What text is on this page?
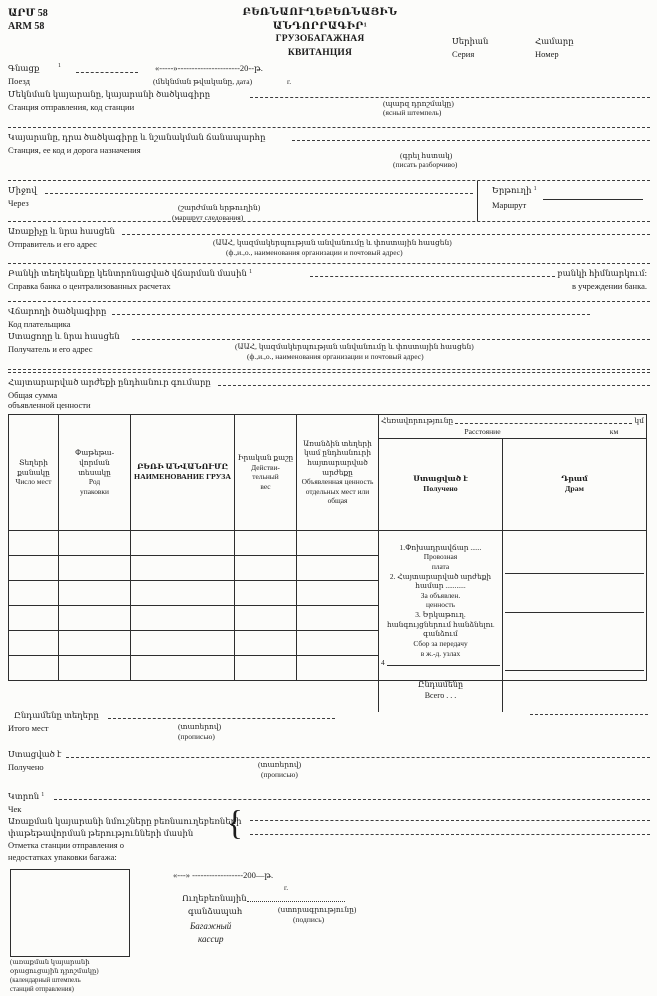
ԱՐՄ 58
ARM 58
ԲԵՌՆԱՈՒՂԵԲԵՌՆԱՅԻՆ
ԱՆԴՈՐՐԱԳԻՐ¹
ГРУЗОБАГАЖНАЯ
КВИТАНЦИЯ
Սերիան
Серия
Համարը
Номер
Գնացք	$^1$	«-----»----------------------20--թ.
Поезд	(մեկնման թվականը, дата)	г.
Մեկնման կայարանը, կայարանի ծածկագիրը
Станция отправления, код станции	(պարզ դրոշմակը)
(ясный штемпель)
Կայարանը, դրա ծածկագիրը և նշանակման ճանապարհը
Станция, ее код и дорога назначения
(գրել հստակ)
(писать разборчиво)
Միջով
Через	(շարժման երթուղին)
(маршрут следования)
Երթուղի $^1$
Маршрут
Առաքիչը և նրա հասցեն
Отправитель и его адрес	(ԱԱՀ, կազմակերպության անվանումը և փոստային հասցեն)
(ф.,и.,о., наименования организации и почтовый адрес)
Բանկի տեղեկանքը կենտրոնացված վճարման մասին $^1$	բանկի հիմնարկում:
Справка банка о централизованных расчетах	в учреждении банка.
Վճարողի ծածկագիրը
Код плательщика
Ստացողը և նրա հասցեն
Получатель и его адрес	(ԱԱՀ, կազմակերպության անվանումը և փոստային հասցեն)
(ф.,и.,о., наименования организации и почтовый адрес)
Հայտարարված արժեքի ընդհանուր գումարը
Общая сумма
объявленной ценности
Տեղերի քանակը
Число мест

Փաթեթա-
վորման
տեսակը
Род
упаковки

ԲԵՌԻ ԱՆՎԱՆՈՒՄԸ
НАИМЕНОВАНИЕ ГРУЗА

Իրական քաշը
Действи-
тельный
вес

Առանձին տեղերի կամ ընդհանուրի հայտարարված արժեքը
Объявленная ценность отдельных мест или общая

Հեռավորությունը	կմ
Расстояние	км

Ստացված է
Получено

Դրամ
Драм

1.Փոխադրավճար ......
Провозная
плата
2. Հայտարարված արժեքի
համար ...........
За объявлен.
ценность
3. Երկաթուղ.
հանգույցներում հանձնելու
գանձում
Сбор за передачу
в ж.-д. узлах
4

Ընդամենը
Всего . . .
Ընդամենը տեղերը
Итого мест	(տառերով)
(прописью)
Ստացված է
Получено	(տառերով)
(прописью)
Կտրոն $^1$
Чек
Առաքման կայարանի նմուշները բեռնաուղեբեռների
փաթեթավորման թերությունների մասին
Отметка станции отправления о
недостатках упаковки багажа:
{
«---» ------------------200—թ.
г.
Ուղեբեռնային
գանձապահ	(ստորագրությունը)
(подпись)
Багажный
кассир
(առաքման կայարանի
օրացուցային դրոշմակը)
(календарный штемпель
станций отправления)
